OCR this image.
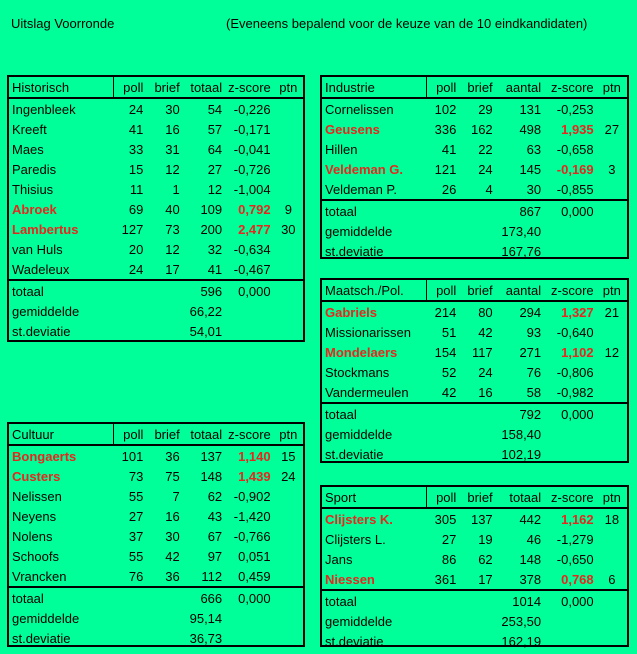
Uitslag Voorronde	(Eveneens bepalend voor de keuze van de 10 eindkandidaten)
Historisch	poll	brief	totaal	z-score	ptn
Ingenbleek	24	30	54	-0,226	
Kreeft	41	16	57	-0,171	
Maes	33	31	64	-0,041	
Paredis	15	12	27	-0,726	
Thisius	11	1	12	-1,004	
Abroek	69	40	109	0,792	9
Lambertus	127	73	200	2,477	30
van Huls	20	12	32	-0,634	
Wadeleux	24	17	41	-0,467	
totaal			596	0,000	
gemiddelde			66,22		
st.deviatie			54,01		
Industrie	poll	brief	aantal	z-score	ptn
Cornelissen	102	29	131	-0,253	
Geusens	336	162	498	1,935	27
Hillen	41	22	63	-0,658	
Veldeman G.	121	24	145	-0,169	3
Veldeman P.	26	4	30	-0,855	
totaal			867	0,000	
gemiddelde			173,40		
st.deviatie			167,76		
Maatsch./Pol.	poll	brief	aantal	z-score	ptn
Gabriels	214	80	294	1,327	21
Missionarissen	51	42	93	-0,640	
Mondelaers	154	117	271	1,102	12
Stockmans	52	24	76	-0,806	
Vandermeulen	42	16	58	-0,982	
totaal			792	0,000	
gemiddelde			158,40		
st.deviatie			102,19		
Cultuur	poll	brief	totaal	z-score	ptn
Bongaerts	101	36	137	1,140	15
Custers	73	75	148	1,439	24
Nelissen	55	7	62	-0,902	
Neyens	27	16	43	-1,420	
Nolens	37	30	67	-0,766	
Schoofs	55	42	97	0,051	
Vrancken	76	36	112	0,459	
totaal			666	0,000	
gemiddelde			95,14		
st.deviatie			36,73		
Sport	poll	brief	totaal	z-score	ptn
Clijsters K.	305	137	442	1,162	18
Clijsters L.	27	19	46	-1,279	
Jans	86	62	148	-0,650	
Niessen	361	17	378	0,768	6
totaal			1014	0,000	
gemiddelde			253,50		
st.deviatie			162,19		
